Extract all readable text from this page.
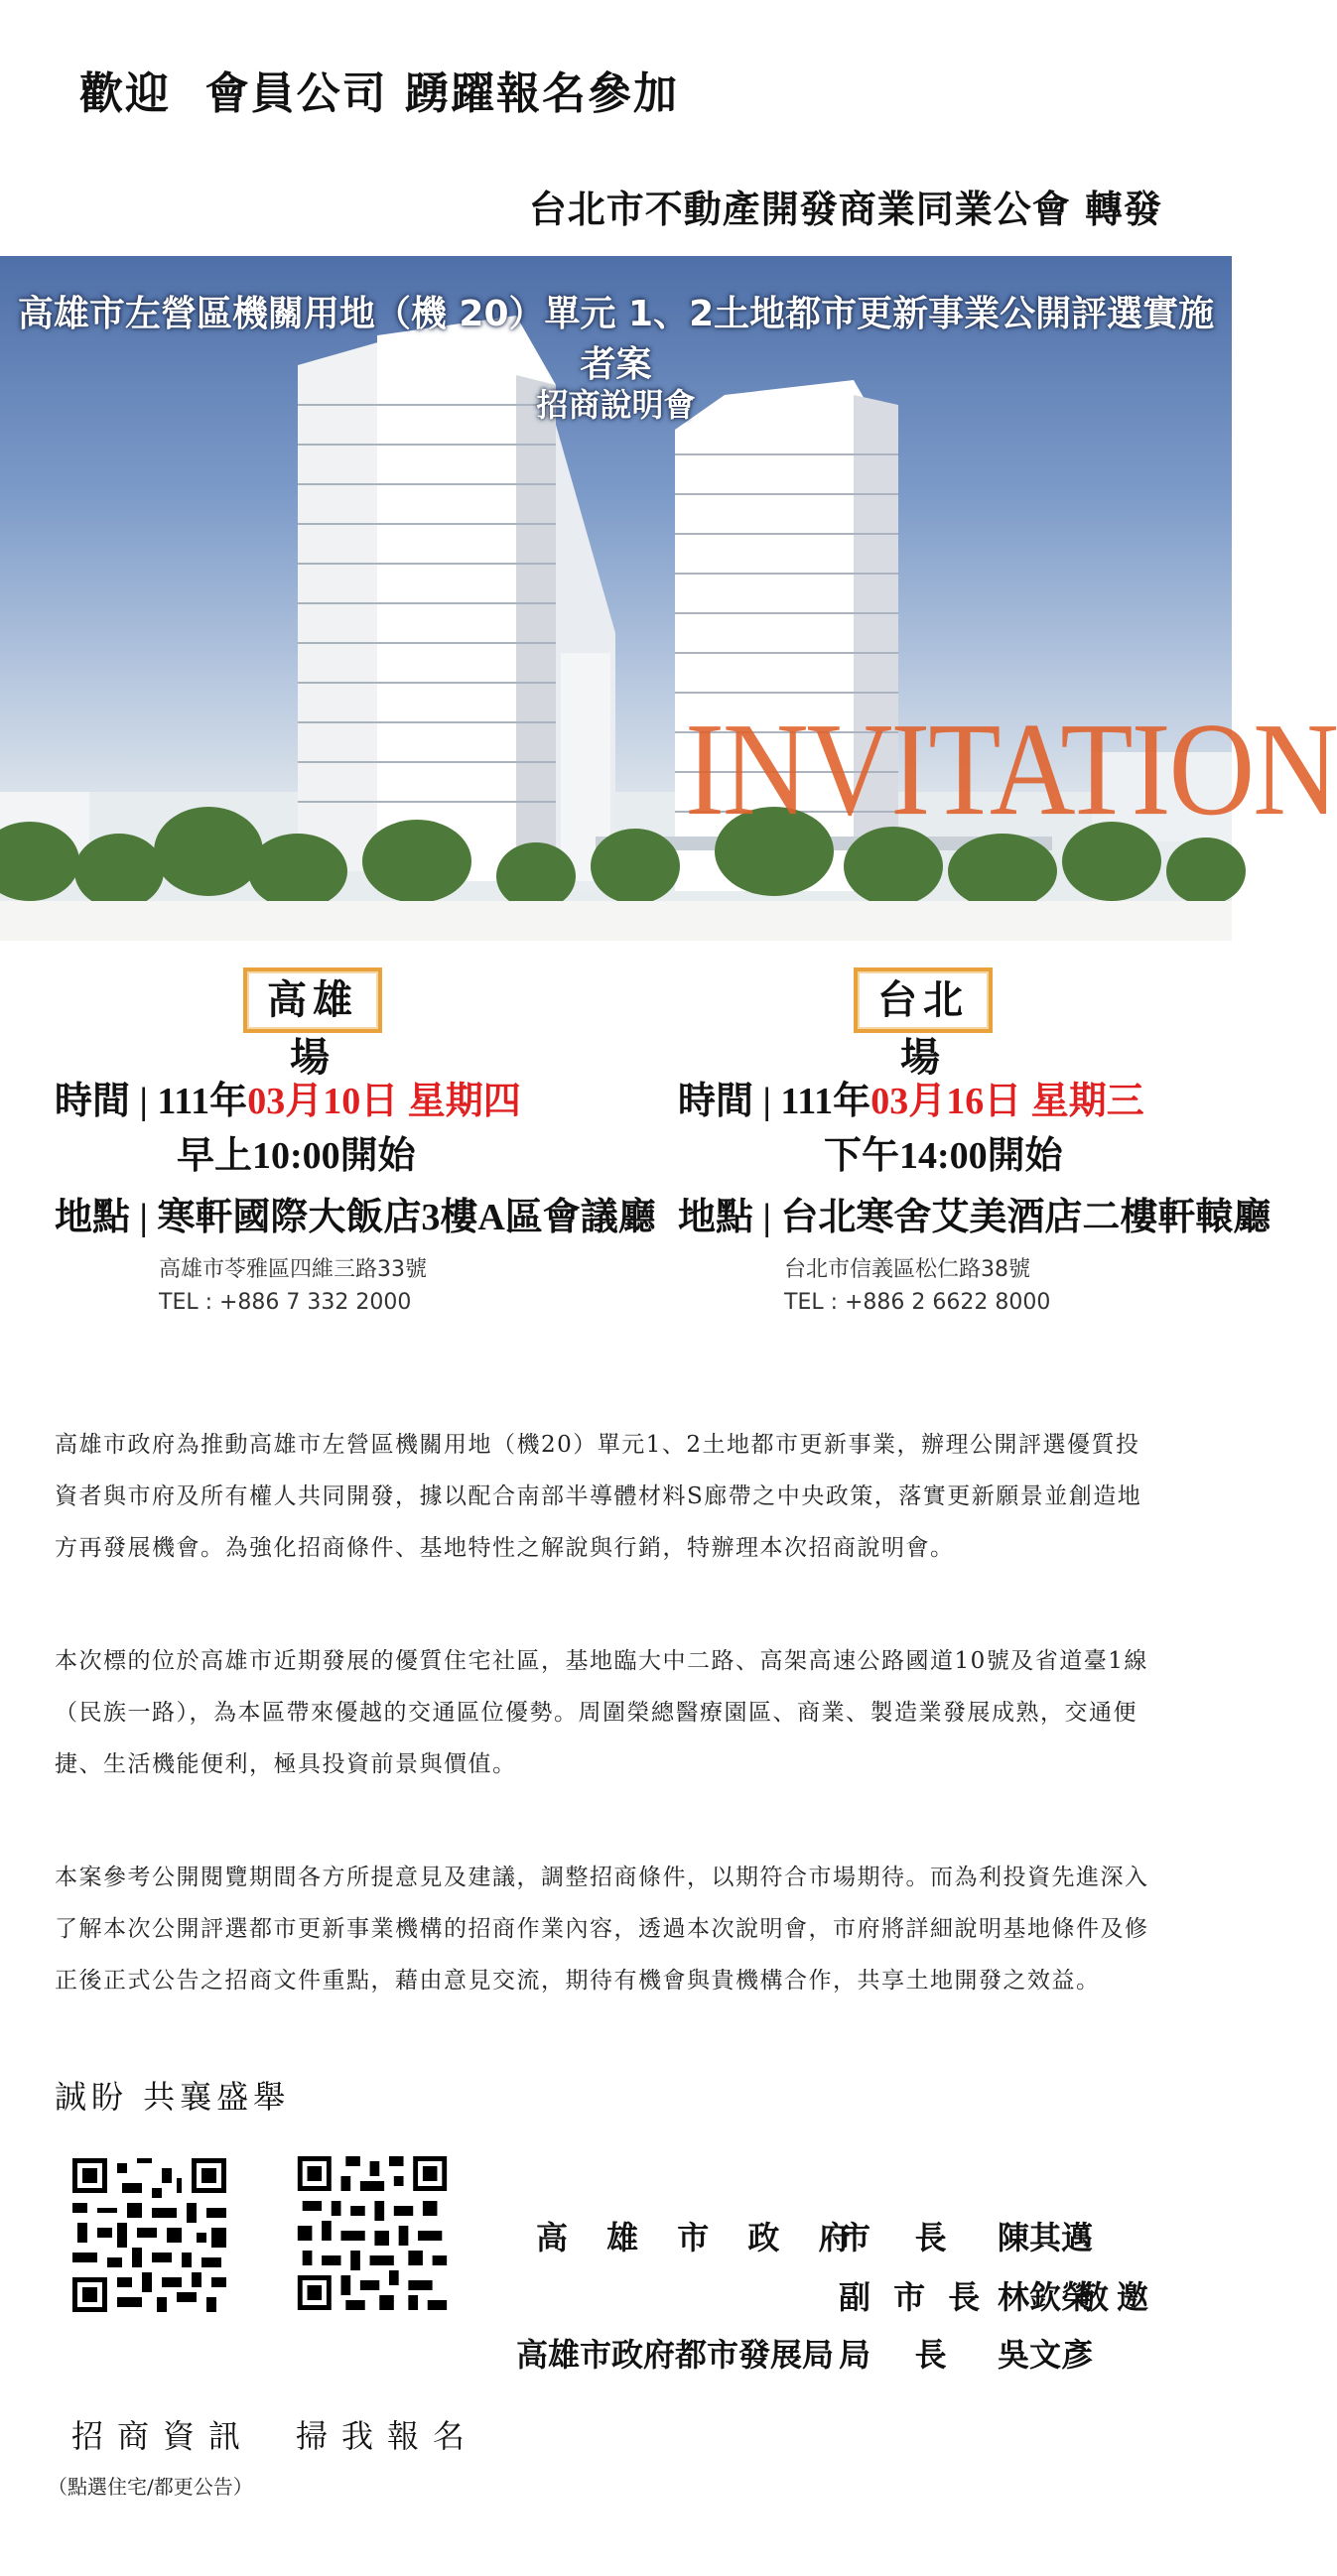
歡迎  會員公司 踴躍報名參加
台北市不動產開發商業同業公會 轉發
高雄市左營區機關用地（機 20）單元 1、2土地都市更新事業公開評選實施者案
招商說明會
INVITATION
高雄場
時間 | 111年03月10日 星期四
早上10:00開始
地點 | 寒軒國際大飯店3樓A區會議廳
高雄市苓雅區四維三路33號
TEL : +886 7 332 2000
台北場
時間 | 111年03月16日 星期三
下午14:00開始
地點 | 台北寒舍艾美酒店二樓軒轅廳
台北市信義區松仁路38號
TEL : +886 2 6622 8000
高雄市政府為推動高雄市左營區機關用地（機20）單元1、2土地都市更新事業，辦理公開評選優質投資者與市府及所有權人共同開發，據以配合南部半導體材料S廊帶之中央政策，落實更新願景並創造地方再發展機會。為強化招商條件、基地特性之解說與行銷，特辦理本次招商說明會。
本次標的位於高雄市近期發展的優質住宅社區，基地臨大中二路、高架高速公路國道10號及省道臺1線（民族一路），為本區帶來優越的交通區位優勢。周圍榮總醫療園區、商業、製造業發展成熟，交通便捷、生活機能便利，極具投資前景與價值。
本案參考公開閱覽期間各方所提意見及建議，調整招商條件，以期符合市場期待。而為利投資先進深入了解本次公開評選都市更新事業機構的招商作業內容，透過本次說明會，市府將詳細說明基地條件及修正後正式公告之招商文件重點，藉由意見交流，期待有機會與貴機構合作，共享土地開發之效益。
誠盼 共襄盛舉
招商資訊
（點選住宅/都更公告）
掃我報名
高 雄 市 政 府
市    長 陳其邁
副 市 長 林欽榮
敬邀
高雄市政府都市發展局 局    長 吳文彥
